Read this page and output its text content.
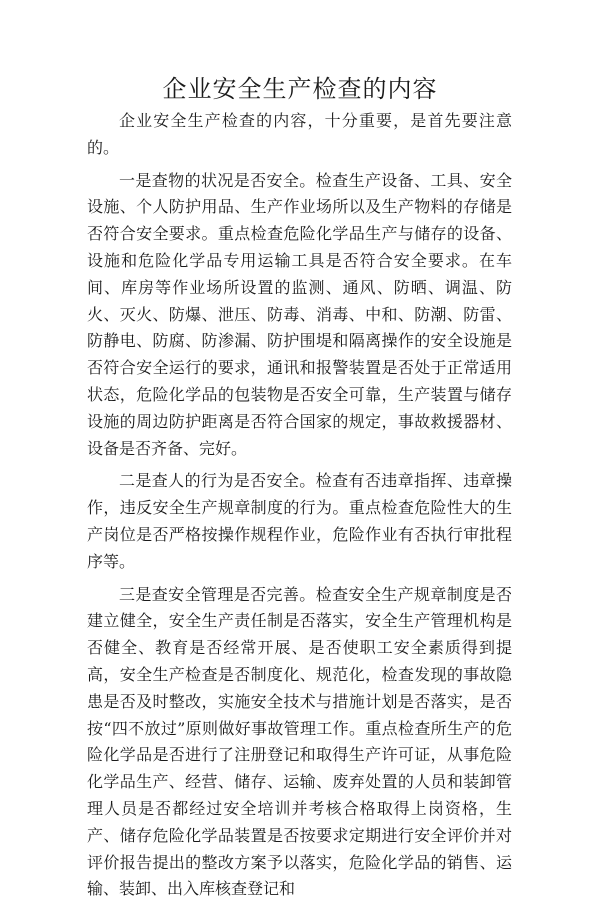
企业安全生产检查的内容

企业安全生产检查的内容，十分重要，是首先要注意的。

一是查物的状况是否安全。检查生产设备、工具、安全设施、个人防护用品、生产作业场所以及生产物料的存储是否符合安全要求。重点检查危险化学品生产与储存的设备、设施和危险化学品专用运输工具是否符合安全要求。在车间、库房等作业场所设置的监测、通风、防晒、调温、防火、灭火、防爆、泄压、防毒、消毒、中和、防潮、防雷、防静电、防腐、防渗漏、防护围堤和隔离操作的安全设施是否符合安全运行的要求，通讯和报警装置是否处于正常适用状态，危险化学品的包装物是否安全可靠，生产装置与储存设施的周边防护距离是否符合国家的规定，事故救援器材、设备是否齐备、完好。

二是查人的行为是否安全。检查有否违章指挥、违章操作，违反安全生产规章制度的行为。重点检查危险性大的生产岗位是否严格按操作规程作业，危险作业有否执行审批程序等。

三是查安全管理是否完善。检查安全生产规章制度是否建立健全，安全生产责任制是否落实，安全生产管理机构是否健全、教育是否经常开展、是否使职工安全素质得到提高，安全生产检查是否制度化、规范化，检查发现的事故隐患是否及时整改，实施安全技术与措施计划是否落实，是否按“四不放过”原则做好事故管理工作。重点检查所生产的危险化学品是否进行了注册登记和取得生产许可证，从事危险化学品生产、经营、储存、运输、废弃处置的人员和装卸管理人员是否都经过安全培训并考核合格取得上岗资格，生产、储存危险化学品装置是否按要求定期进行安全评价并对评价报告提出的整改方案予以落实，危险化学品的销售、运输、装卸、出入库核查登记和
